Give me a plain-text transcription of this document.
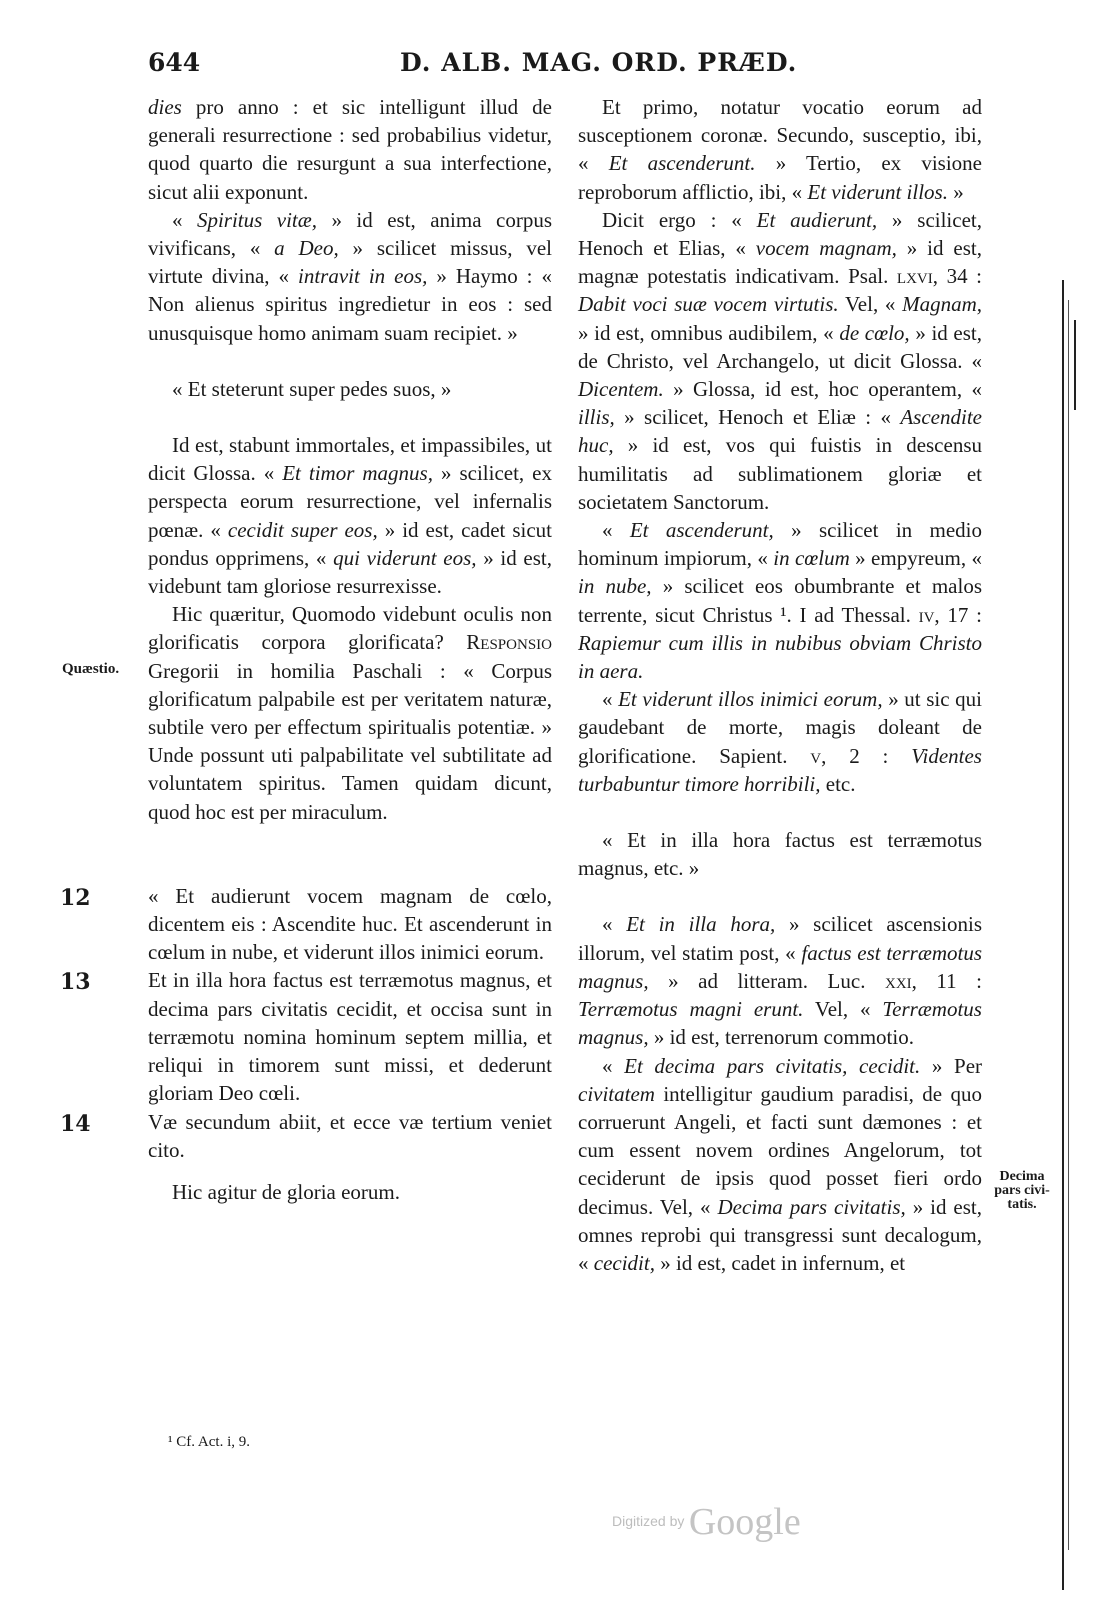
644	D. ALB. MAG. ORD. PRÆD.

dies pro anno : et sic intelligunt illud de generali resurrectione : sed probabilius videtur, quod quarto die resurgunt a sua interfectione, sicut alii exponunt.

« Spiritus vitæ, » id est, anima corpus vivificans, « a Deo, » scilicet missus, vel virtute divina, « intravit in eos, » Haymo : « Non alienus spiritus ingredietur in eos : sed unusquisque homo animam suam recipiet. »

« Et steterunt super pedes suos, »

Id est, stabunt immortales, et impassibiles, ut dicit Glossa. « Et timor magnus, » scilicet, ex perspecta eorum resurrectione, vel infernalis pœnæ. « cecidit super eos, » id est, cadet sicut pondus opprimens, « qui viderunt eos, » id est, videbunt tam gloriose resurrexisse.

Hic quæritur, Quomodo videbunt oculis non glorificatis corpora glorificata? Responsio Gregorii in homilia Paschali : « Corpus glorificatum palpabile est per veritatem naturæ, subtile vero per effectum spiritualis potentiæ. » Unde possunt uti palpabilitate vel subtilitate ad voluntatem spiritus. Tamen quidam dicunt, quod hoc est per miraculum.

12	« Et audierunt vocem magnam de cœlo, dicentem eis : Ascendite huc. Et ascenderunt in cœlum in nube, et viderunt illos inimici eorum.

13	Et in illa hora factus est terræmotus magnus, et decima pars civitatis cecidit, et occisa sunt in terræmotu nomina hominum septem millia, et reliqui in timorem sunt missi, et dederunt gloriam Deo cœli.

14	Væ secundum abiit, et ecce væ tertium veniet cito.

Hic agitur de gloria eorum.

Et primo, notatur vocatio eorum ad susceptionem coronæ. Secundo, susceptio, ibi, « Et ascenderunt. » Tertio, ex visione reproborum afflictio, ibi, « Et viderunt illos. »

Dicit ergo : « Et audierunt, » scilicet, Henoch et Elias, « vocem magnam, » id est, magnæ potestatis indicativam. Psal. lxvi, 34 : Dabit voci suæ vocem virtutis. Vel, « Magnam, » id est, omnibus audibilem, « de cœlo, » id est, de Christo, vel Archangelo, ut dicit Glossa. « Dicentem. » Glossa, id est, hoc operantem, « illis, » scilicet, Henoch et Eliæ : « Ascendite huc, » id est, vos qui fuistis in descensu humilitatis ad sublimationem gloriæ et societatem Sanctorum.

« Et ascenderunt, » scilicet in medio hominum impiorum, « in cœlum » empyreum, « in nube, » scilicet eos obumbrante et malos terrente, sicut Christus ¹. I ad Thessal. iv, 17 : Rapiemur cum illis in nubibus obviam Christo in aera.

« Et viderunt illos inimici eorum, » ut sic qui gaudebant de morte, magis doleant de glorificatione. Sapient. v, 2 : Videntes turbabuntur timore horribili, etc.

« Et in illa hora factus est terræmotus magnus, etc. »

« Et in illa hora, » scilicet ascensionis illorum, vel statim post, « factus est terræmotus magnus, » ad litteram. Luc. xxi, 11 : Terræmotus magni erunt. Vel, « Terræmotus magnus, » id est, terrenorum commotio.

« Et decima pars civitatis, cecidit. » Per civitatem intelligitur gaudium paradisi, de quo corruerunt Angeli, et facti sunt dæmones : et cum essent novem ordines Angelorum, tot ceciderunt de ipsis quod posset fieri ordo decimus. Vel, « Decima pars civitatis, » id est, omnes reprobi qui transgressi sunt decalogum, « cecidit, » id est, cadet in infernum, et

Quæstio.
Decima
pars civi-
tatis.
¹ Cf. Act. i, 9.
Digitized by Google
